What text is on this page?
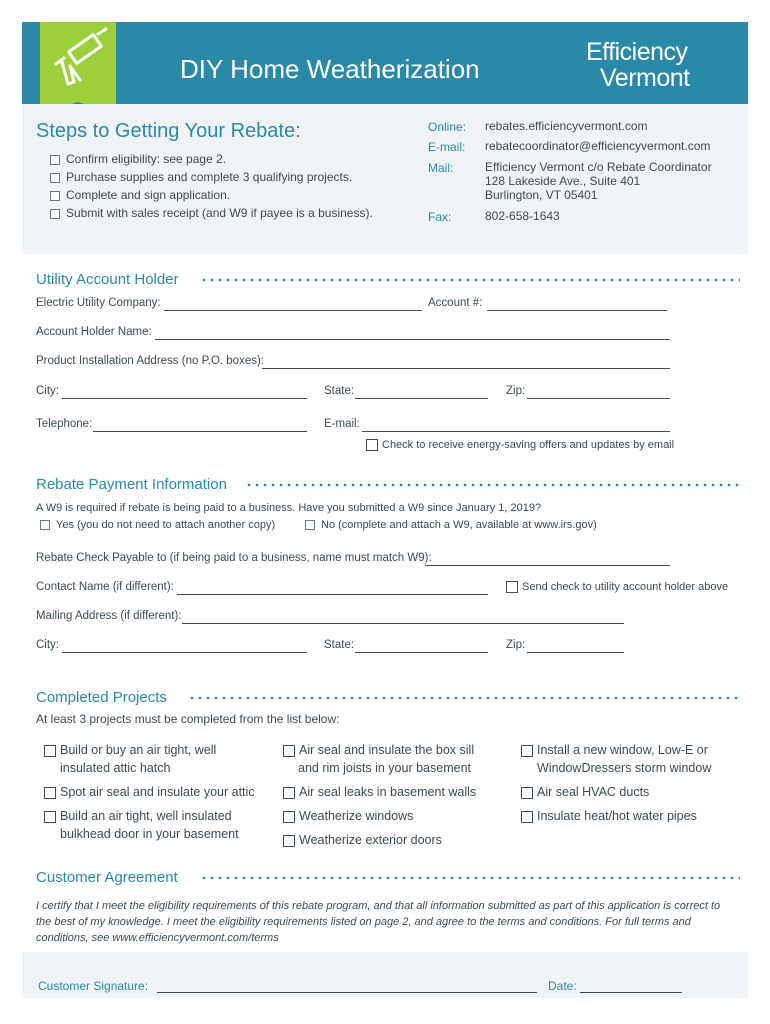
DIY Home Weatherization
Efficiency
Vermont
Steps to Getting Your Rebate:
Confirm eligibility: see page 2.
Purchase supplies and complete 3 qualifying projects.
Complete and sign application.
Submit with sales receipt (and W9 if payee is a business).
Online: rebates.efficiencyvermont.com
E-mail: rebatecoordinator@efficiencyvermont.com
Mail:	Efficiency Vermont c/o Rebate Coordinator
128 Lakeside Ave., Suite 401
Burlington, VT 05401
Fax:	802-658-1643
Utility Account Holder
Electric Utility Company:	Account #:
Account Holder Name:
Product Installation Address (no P.O. boxes):
City:	State:	Zip:
Telephone:	E-mail:
Check to receive energy-saving offers and updates by email
Rebate Payment Information
A W9 is required if rebate is being paid to a business. Have you submitted a W9 since January 1, 2019?
Yes (you do not need to attach another copy)	No (complete and attach a W9, available at www.irs.gov)
Rebate Check Payable to (if being paid to a business, name must match W9):
Contact Name (if different):	Send check to utility account holder above
Mailing Address (if different):
City:	State:	Zip:
Completed Projects
At least 3 projects must be completed from the list below:
Build or buy an air tight, well
insulated attic hatch
Spot air seal and insulate your attic
Build an air tight, well insulated
bulkhead door in your basement
Air seal and insulate the box sill
and rim joists in your basement
Air seal leaks in basement walls
Weatherize windows
Weatherize exterior doors
Install a new window, Low-E or
WindowDressers storm window
Air seal HVAC ducts
Insulate heat/hot water pipes
Customer Agreement
I certify that I meet the eligibility requirements of this rebate program, and that all information submitted as part of this application is correct to the best of my knowledge. I meet the eligibility requirements listed on page 2, and agree to the terms and conditions. For full terms and conditions, see www.efficiencyvermont.com/terms
Customer Signature:	Date:
